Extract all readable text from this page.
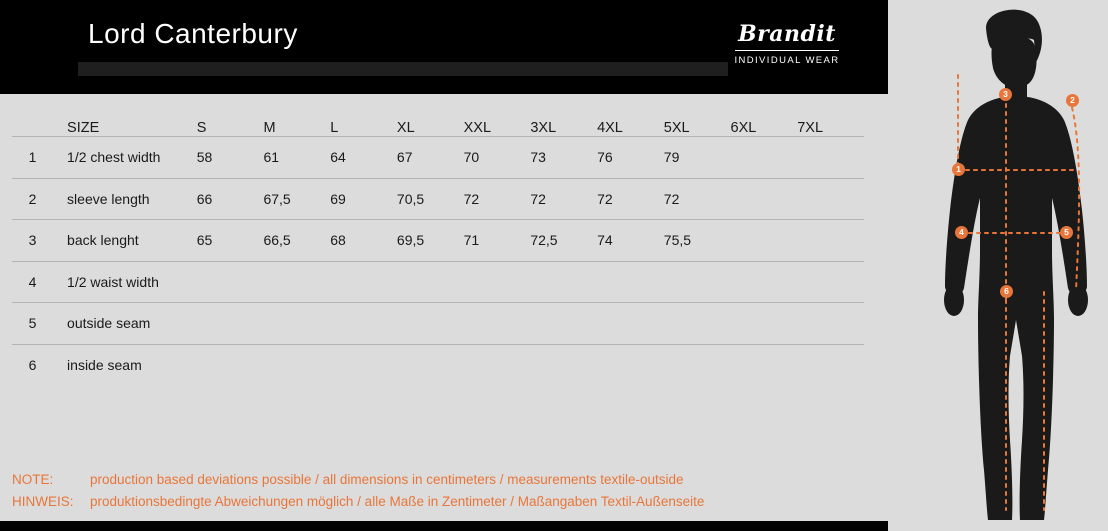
Lord Canterbury	Brandit
INDIVIDUAL WEAR
	SIZE	S	M	L	XL	XXL	3XL	4XL	5XL	6XL	7XL
1	1/2 chest width	58	61	64	67	70	73	76	79		
2	sleeve length	66	67,5	69	70,5	72	72	72	72		
3	back lenght	65	66,5	68	69,5	71	72,5	74	75,5		
4	1/2 waist width										
5	outside seam										
6	inside seam										
NOTE:	production based deviations possible / all dimensions in centimeters / measurements textile-outside
HINWEIS:	produktionsbedingte Abweichungen möglich / alle Maße in Zentimeter / Maßangaben Textil-Außenseite
1
2
3
4	5
6
